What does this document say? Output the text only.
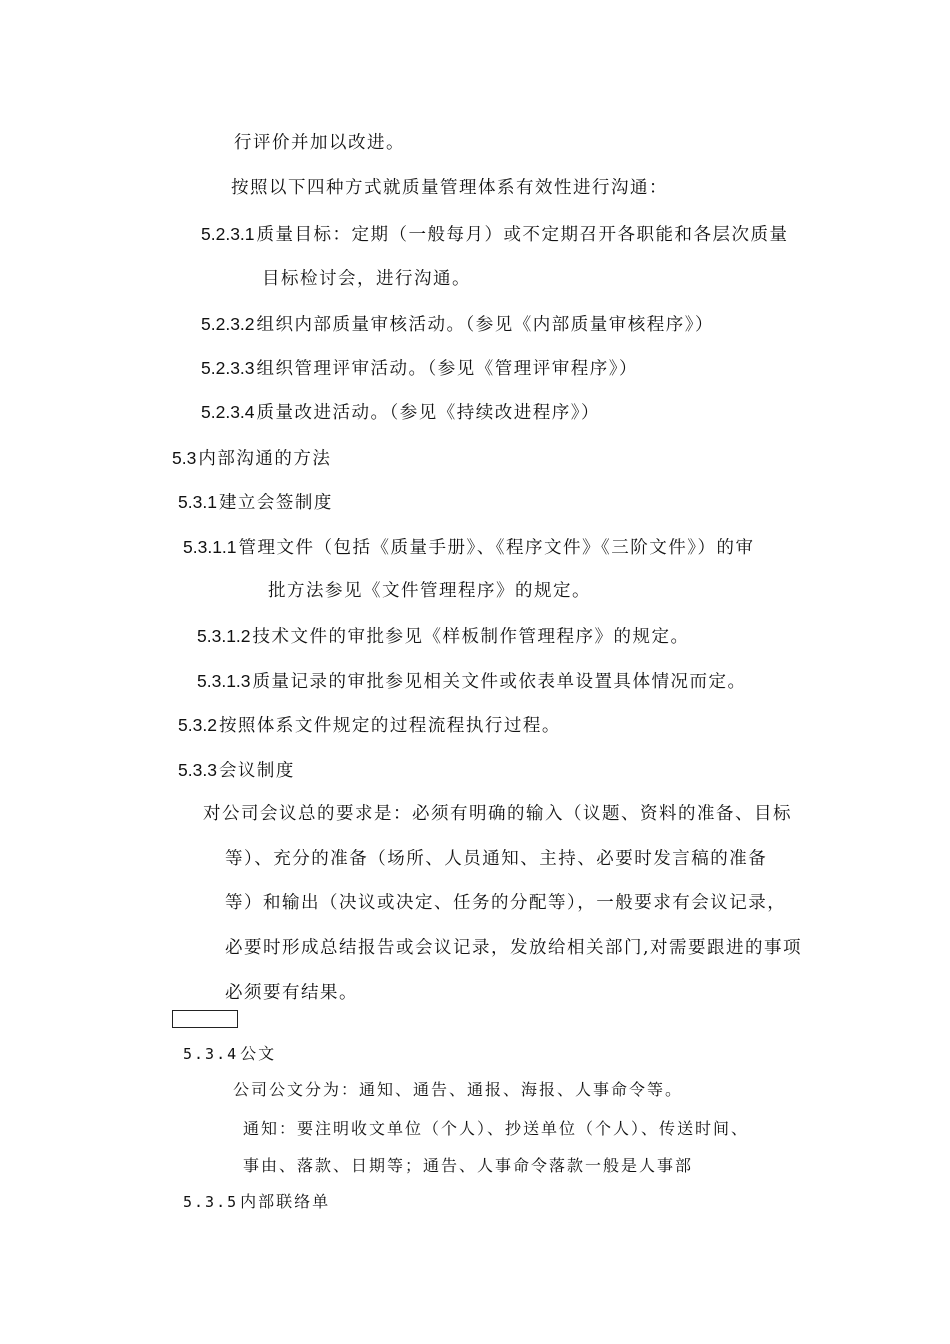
行评价并加以改进。
按照以下四种方式就质量管理体系有效性进行沟通：
5.2.3.1 质量目标：定期（一般每月）或不定期召开各职能和各层次质量
目标检讨会，进行沟通。
5.2.3.2 组织内部质量审核活动。（参见《内部质量审核程序》）
5.2.3.3 组织管理评审活动。（参见《管理评审程序》）
5.2.3.4 质量改进活动。（参见《持续改进程序》）
5.3 内部沟通的方法
5.3.1 建立会签制度
5.3.1.1 管理文件（包括《质量手册》、《程序文件》《三阶文件》）的审
批方法参见《文件管理程序》的规定。
5.3.1.2 技术文件的审批参见《样板制作管理程序》的规定。
5.3.1.3 质量记录的审批参见相关文件或依表单设置具体情况而定。
5.3.2 按照体系文件规定的过程流程执行过程。
5.3.3 会议制度
对公司会议总的要求是：必须有明确的输入（议题、资料的准备、目标
等）、充分的准备（场所、人员通知、主持、必要时发言稿的准备
等）和输出（决议或决定、任务的分配等），一般要求有会议记录，
必要时形成总结报告或会议记录，发放给相关部门,对需要跟进的事项
必须要有结果。
5.3.4 公文
公司公文分为：通知、通告、通报、海报、人事命令等。
通知：要注明收文单位（个人）、抄送单位（个人）、传送时间、
事由、落款、日期等；通告、人事命令落款一般是人事部
5.3.5 内部联络单
